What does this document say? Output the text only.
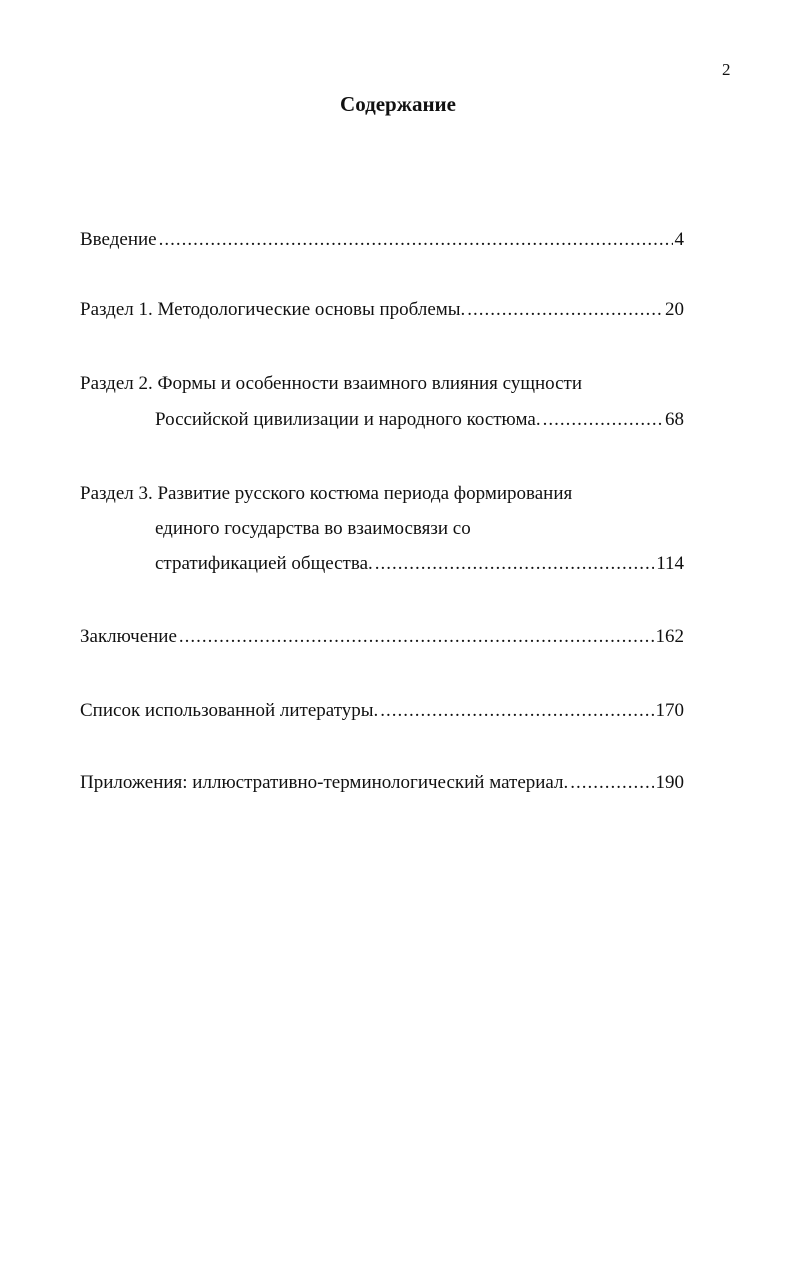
2
Содержание
Введение .....	4
Раздел 1. Методологические основы проблемы. .....	20
Раздел 2. Формы и особенности взаимного влияния сущности
Российской цивилизации и народного костюма. .....	68
Раздел 3. Развитие русского костюма периода формирования
единого государства во взаимосвязи со
стратификацией общества. .....	114
Заключение .....	162
Список использованной литературы. .....	170
Приложения: иллюстративно-терминологический материал. .....	190
